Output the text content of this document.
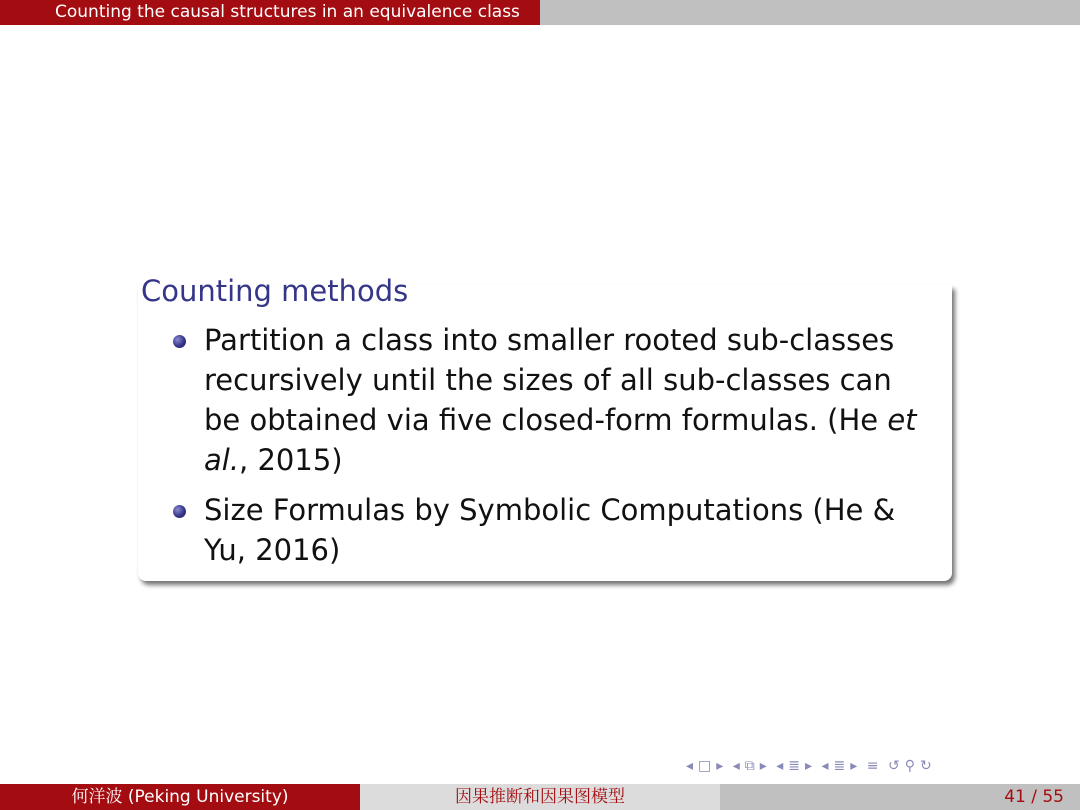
Counting the causal structures in an equivalence class
Counting methods
Partition a class into smaller rooted sub-classes recursively until the sizes of all sub-classes can be obtained via five closed-form formulas. (He et al., 2015)
Size Formulas by Symbolic Computations (He & Yu, 2016)
◂ □ ▸ ◂ ⧉ ▸ ◂ ≣ ▸ ◂ ≣ ▸ ≡ ↺ ⚲ ↻
何洋波 (Peking University)	因果推断和因果图模型	41 / 55
